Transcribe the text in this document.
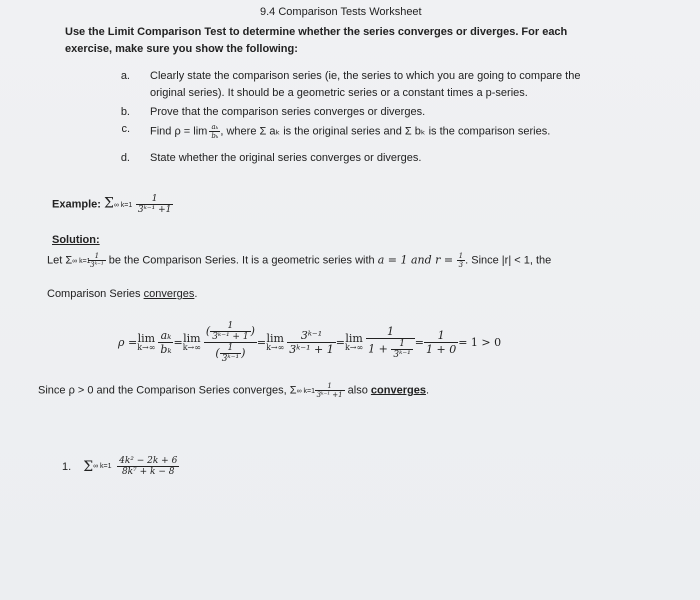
9.4 Comparison Tests Worksheet
Use the Limit Comparison Test to determine whether the series converges or diverges. For each
exercise, make sure you show the following:
a. Clearly state the comparison series (ie, the series to which you are going to compare the
original series). It should be a geometric series or a constant times a p-series.
b. Prove that the comparison series converges or diverges.
c. Find $\rho = \lim \frac{\text{aₖ}}{\text{bₖ}}$ , where Σ aₖ is the original series and Σ bₖ is the comparison series.
d. State whether the original series converges or diverges.
Example: Σ∞ $k=1 \frac{1}{\text{3ᵏ⁻¹ +1}}$
Solution:
Let Σ∞ k=1
$\frac{1}{\text{3ᵏ⁻¹}}$ be the Comparison Series. It is a geometric series with a = 1 and $r = \frac{1}{3}$ . Since |r| < 1, the
Comparison Series converges.
ρ = lim
$k\to\infty \frac{\text{aₖ}}{\text{bₖ}} = \lim$
$k\to\infty \frac{( \frac{1}{\text{3ᵏ⁻¹ + 1}} )}{( \frac{1}{\text{3ᵏ⁻¹}} )} = \lim$
$k\to\infty \frac{\text{3ᵏ⁻¹}}{\text{3ᵏ⁻¹ + 1}} = \lim$
$k\to\infty \frac{1}{1 + \frac{1}{\text{3ᵏ⁻¹}}} = \frac{1}{1 + 0} = 1 > 0$
Since ρ > 0 and the Comparison Series converges, Σ∞ $k=1 \frac{1}{\text{3ᵏ⁻¹ +1}}$ also converges.
1. Σ ∞ $k=1 \frac{\text{4k² − 2k + 6}}{\text{8k⁷ + k − 8}}$
